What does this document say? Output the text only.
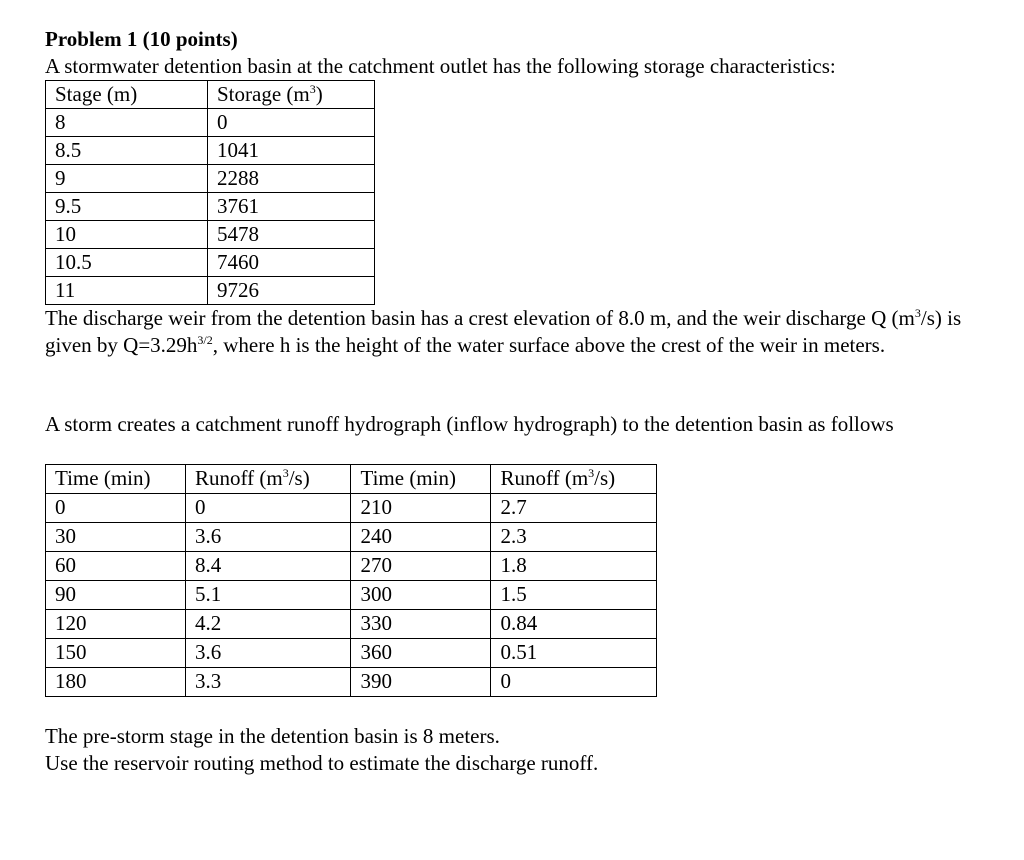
Problem 1 (10 points)

A stormwater detention basin at the catchment outlet has the following storage characteristics:

Stage (m)	Storage $(m^3)$
8	0
8.5	1041
9	2288
9.5	3761
10	5478
10.5	7460
11	9726

The discharge weir from the detention basin has a crest elevation of 8.0 m, and the weir discharge Q $(m^3/s)$ is given by $Q=3.29h^{3/2}$, where h is the height of the water surface above the crest of the weir in meters.

A storm creates a catchment runoff hydrograph (inflow hydrograph) to the detention basin as follows

Time (min)	Runoff $(m^3/s)$	Time (min)	Runoff $(m^3/s)$
0	0	210	2.7
30	3.6	240	2.3
60	8.4	270	1.8
90	5.1	300	1.5
120	4.2	330	0.84
150	3.6	360	0.51
180	3.3	390	0

The pre-storm stage in the detention basin is 8 meters.

Use the reservoir routing method to estimate the discharge runoff.
